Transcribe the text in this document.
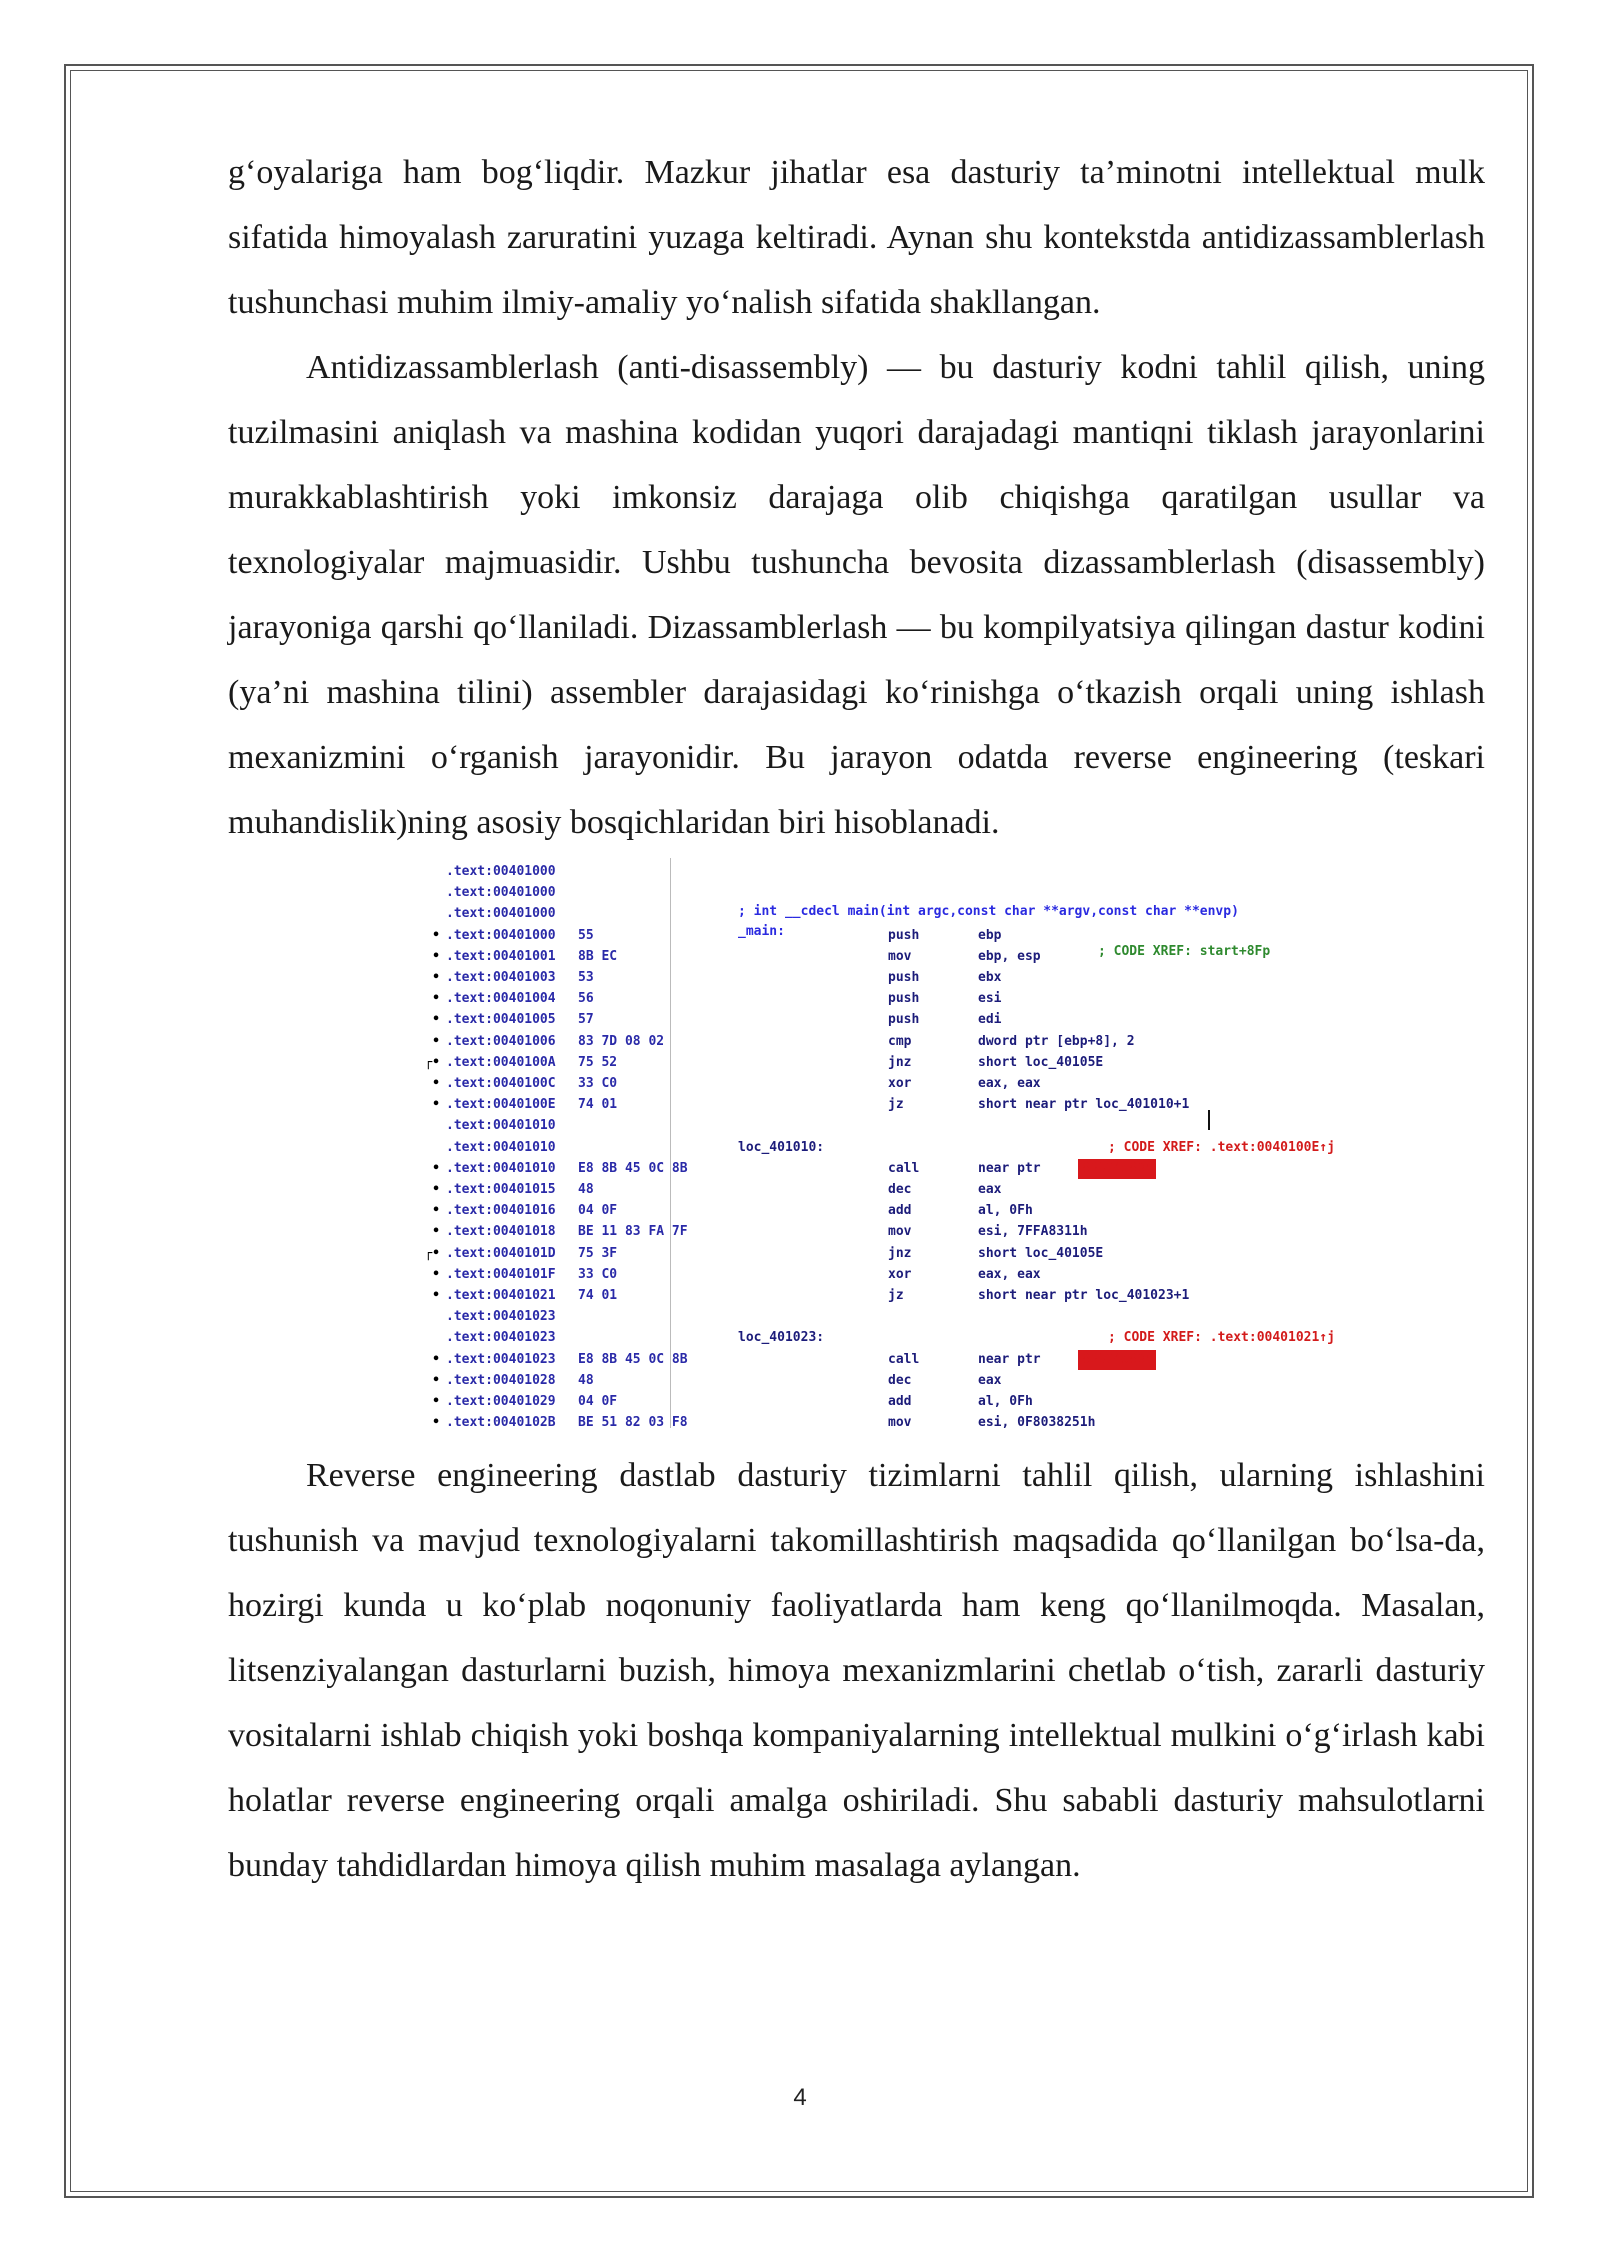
g‘oyalariga ham bog‘liqdir. Mazkur jihatlar esa dasturiy ta’minotni intellektual mulk sifatida himoyalash zaruratini yuzaga keltiradi. Aynan shu kontekstda antidizassamblerlash tushunchasi muhim ilmiy-amaliy yo‘nalish sifatida shakllangan.

Antidizassamblerlash (anti-disassembly) — bu dasturiy kodni tahlil qilish, uning tuzilmasini aniqlash va mashina kodidan yuqori darajadagi mantiqni tiklash jarayonlarini murakkablashtirish yoki imkonsiz darajaga olib chiqishga qaratilgan usullar va texnologiyalar majmuasidir. Ushbu tushuncha bevosita dizassamblerlash (disassembly) jarayoniga qarshi qo‘llaniladi. Dizassamblerlash — bu kompilyatsiya qilingan dastur kodini (ya’ni mashina tilini) assembler darajasidagi ko‘rinishga o‘tkazish orqali uning ishlash mexanizmini o‘rganish jarayonidir. Bu jarayon odatda reverse engineering (teskari muhandislik)ning asosiy bosqichlaridan biri hisoblanadi.

; int __cdecl main(int argc,const char **argv,const char **envp)

_main:

; CODE XREF: start+8Fp

.text:00401000
.text:00401000
.text:00401000
• .text:00401000 55	push	ebp
• .text:00401001 8B EC	mov	ebp, esp
• .text:00401003 53	push	ebx
• .text:00401004 56	push	esi
• .text:00401005 57	push	edi
• .text:00401006 83 7D 08 02	cmp	dword ptr [ebp+8], 2
┌• .text:0040100A 75 52	jnz	short loc_40105E
• .text:0040100C 33 C0	xor	eax, eax
• .text:0040100E 74 01	jz	short near ptr loc_401010+1
.text:00401010
.text:00401010	loc_401010:	; CODE XREF: .text:0040100E↑j
• .text:00401010 E8 8B 45 0C 8B	call	near ptr	8B0C458Bh
• .text:00401015 48	dec	eax
• .text:00401016 04 0F	add	al, 0Fh
• .text:00401018 BE 11 83 FA 7F	mov	esi, 7FFA8311h
┌• .text:0040101D 75 3F	jnz	short loc_40105E
• .text:0040101F 33 C0	xor	eax, eax
• .text:00401021 74 01	jz	short near ptr loc_401023+1
.text:00401023
.text:00401023	loc_401023:	; CODE XREF: .text:00401021↑j
• .text:00401023 E8 8B 45 0C 8B	call	near ptr	8B0C458Bh
• .text:00401028 48	dec	eax
• .text:00401029 04 0F	add	al, 0Fh
• .text:0040102B BE 51 82 03 F8	mov	esi, 0F8038251h

Reverse engineering dastlab dasturiy tizimlarni tahlil qilish, ularning ishlashini tushunish va mavjud texnologiyalarni takomillashtirish maqsadida qo‘llanilgan bo‘lsa-da, hozirgi kunda u ko‘plab noqonuniy faoliyatlarda ham keng qo‘llanilmoqda. Masalan, litsenziyalangan dasturlarni buzish, himoya mexanizmlarini chetlab o‘tish, zararli dasturiy vositalarni ishlab chiqish yoki boshqa kompaniyalarning intellektual mulkini o‘g‘irlash kabi holatlar reverse engineering orqali amalga oshiriladi. Shu sababli dasturiy mahsulotlarni bunday tahdidlardan himoya qilish muhim masalaga aylangan.

4
